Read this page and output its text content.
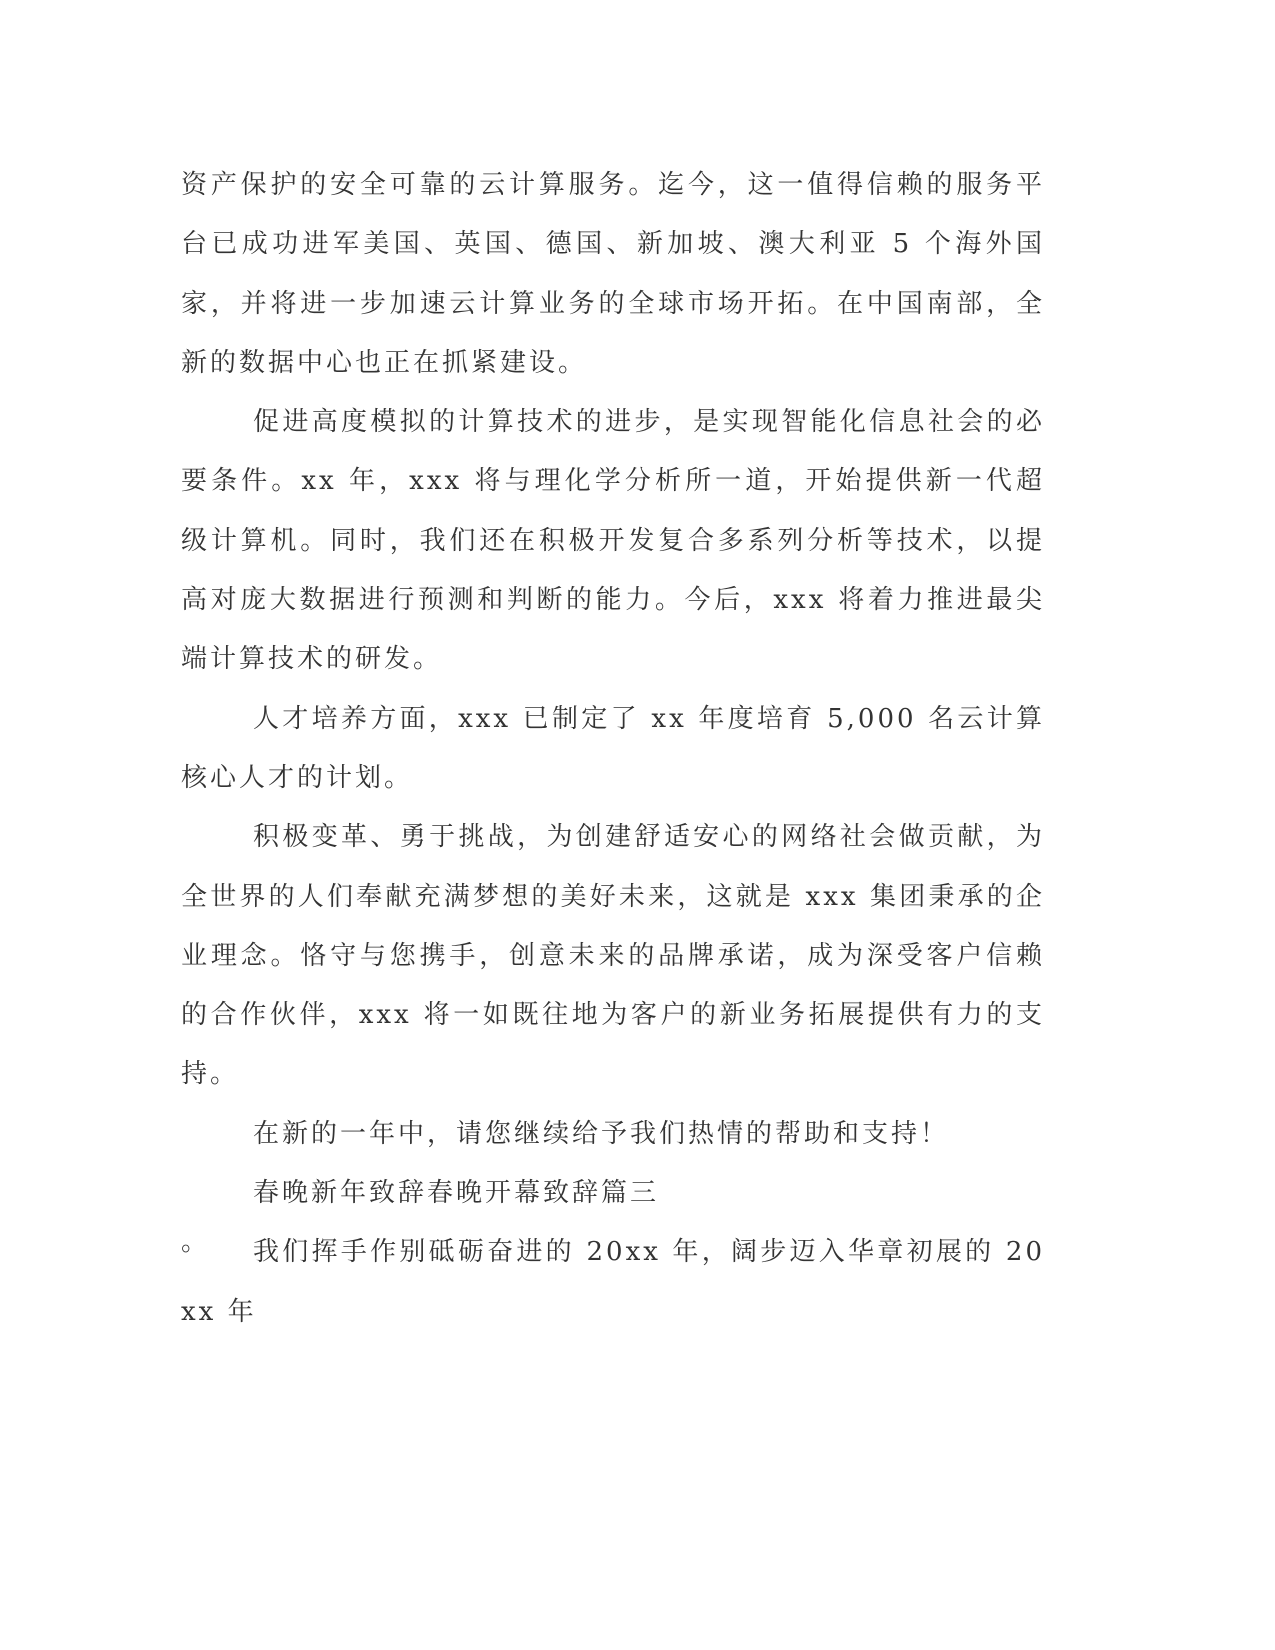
资产保护的安全可靠的云计算服务。迄今，这一值得信赖的服务平台已成功进军美国、英国、德国、新加坡、澳大利亚 5 个海外国家，并将进一步加速云计算业务的全球市场开拓。在中国南部，全新的数据中心也正在抓紧建设。

促进高度模拟的计算技术的进步，是实现智能化信息社会的必要条件。xx 年，xxx 将与理化学分析所一道，开始提供新一代超级计算机。同时，我们还在积极开发复合多系列分析等技术，以提高对庞大数据进行预测和判断的能力。今后，xxx 将着力推进最尖端计算技术的研发。

人才培养方面，xxx 已制定了 xx 年度培育 5,000 名云计算核心人才的计划。

积极变革、勇于挑战，为创建舒适安心的网络社会做贡献，为全世界的人们奉献充满梦想的美好未来，这就是 xxx 集团秉承的企业理念。恪守与您携手，创意未来的品牌承诺，成为深受客户信赖的合作伙伴，xxx 将一如既往地为客户的新业务拓展提供有力的支持。

在新的一年中，请您继续给予我们热情的帮助和支持！

春晚新年致辞春晚开幕致辞篇三

我们挥手作别砥砺奋进的 20xx 年，阔步迈入华章初展的 20xx 年

。
